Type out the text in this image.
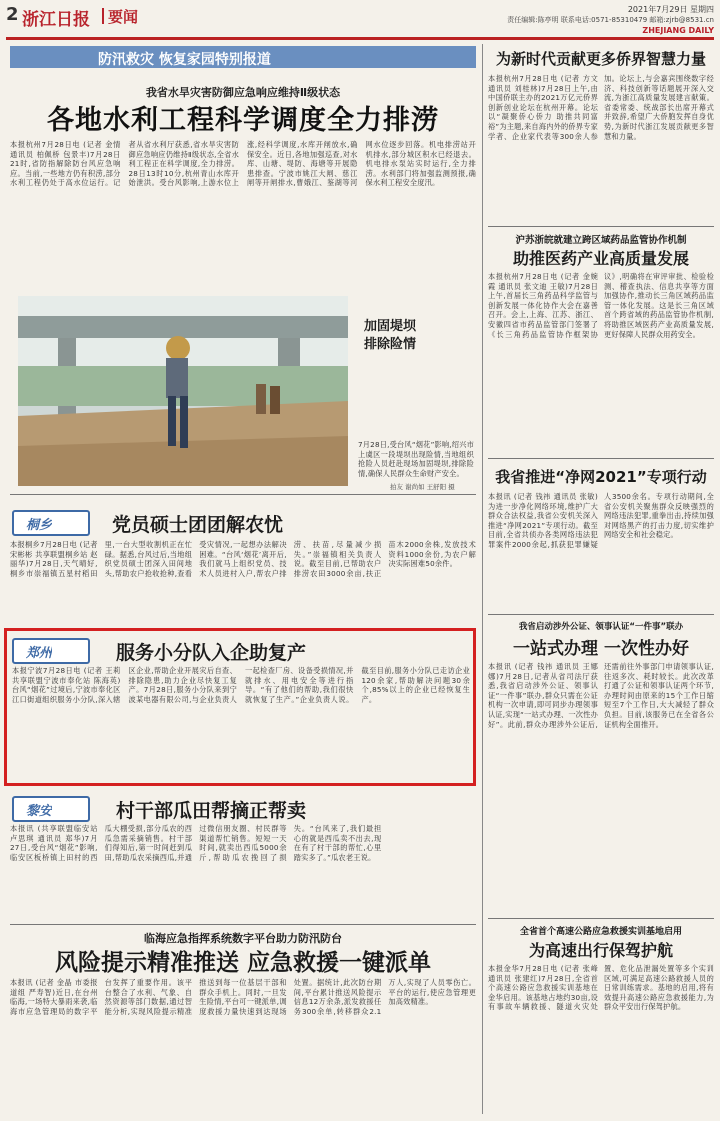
2 浙江日报 要闻	2021年7月29日 星期四
责任编辑:陈亭明 联系电话:0571-85310479 邮箱:zjrb@8531.cn
ZHEJIANG DAILY
防汛救灾 恢复家园特别报道
我省水旱灾害防御应急响应维持Ⅱ级状态
各地水利工程科学调度全力排涝
本报杭州7月28日电 (记者 金情 通讯员 柏佩桥 包景丰)7月28日21时,省防指解除防台风应急响应。当前,一些地方仍有积涝,部分水利工程仍处于高水位运行。记者从省水利厅获悉,省水旱灾害防御应急响应仍维持Ⅱ级状态,全省水利工程正在科学调度,全力排涝。28日13时10分,杭州青山水库开始泄洪。受台风影响,上游水位上涨,经科学调度,水库开闸放水,确保安全。近日,各地加强巡查,对水库、山塘、堤防、海塘等开展隐患排查。宁波市姚江大闸、慈江闸等开闸排水,曹娥江、鉴湖等河网水位逐步回落。机电排涝站开机排水,部分城区积水已经退去。机电排水泵站实时运行,全力排涝。水利部门将加强监测预报,确保水利工程安全度汛。
加固堤坝
排除险情
7月28日,受台风“烟花”影响,绍兴市上虞区一段堤坝出现险情,当地组织抢险人员赶赴现场加固堤坝,排除险情,确保人民群众生命财产安全。
拍友 谢尚如 王舒阳 摄
桐乡	党员硕士团团解农忧
本报桐乡7月28日电 (记者 宋彬彬 共享联盟桐乡站 赵 丽华)7月28日,天气晴好,桐乡市崇福镇五星村稻田里,一台大型收割机正在忙碌。据悉,台风过后,当地组织党员硕士团深入田间地头,帮助农户抢收抢种,查看受灾情况,一起想办法解决困难。“台风‘烟花’离开后,我们就马上组织党员、技术人员进村入户,帮农户排涝、扶苗,尽量减少损失。”崇福镇相关负责人说。截至目前,已帮助农户排涝农田3000余亩,扶正苗木2000余株,发放技术资料1000余份,为农户解决实际困难50余件。
郑州	服务小分队入企助复产
本报宁波7月28日电 (记者 王莉 共享联盟宁波市奉化站 陈海英)台风“烟花”过境后,宁波市奉化区江口街道组织服务小分队,深入辖区企业,帮助企业开展灾后自查、排除隐患,助力企业尽快复工复产。7月28日,服务小分队来到宁波某电器有限公司,与企业负责人一起检查厂房、设备受损情况,并就排水、用电安全等进行指导。“有了他们的帮助,我们很快就恢复了生产。”企业负责人说。截至目前,服务小分队已走访企业120余家,帮助解决问题30余个,85%以上的企业已经恢复生产。
黎安	村干部瓜田帮摘正帮卖
本报讯 (共享联盟临安站 卢思琪 通讯员 郑华)7月27日,受台风“烟花”影响,临安区板桥镇上田村的西瓜大棚受损,部分瓜农的西瓜急需采摘销售。村干部们得知后,第一时间赶到瓜田,帮助瓜农采摘西瓜,并通过微信朋友圈、村民群等渠道帮忙销售。短短一天时间,就卖出西瓜5000余斤,帮助瓜农挽回了损失。“台风来了,我们最担心的就是西瓜卖不出去,现在有了村干部的帮忙,心里踏实多了。”瓜农老王说。
临海应急指挥系统数字平台助力防汛防台
风险提示精准推送 应急救援一键派单
本报讯 (记者 金晶 市委报道组 严寿智)近日,在台州临海,一场特大暴雨来袭,临海市应急管理局的数字平台发挥了重要作用。该平台整合了水利、气象、自然资源等部门数据,通过智能分析,实现风险提示精准推送到每一位基层干部和群众手机上。同时,一旦发生险情,平台可一键派单,调度救援力量快速到达现场处置。据统计,此次防台期间,平台累计推送风险提示信息12万余条,派发救援任务300余单,转移群众2.1万人,实现了人员零伤亡。平台的运行,使应急管理更加高效精准。
为新时代贡献更多侨界智慧力量
本报杭州7月28日电 (记者 方文 通讯员 刘桂林)7月28日上午,由中国侨联主办的2021万亿元侨界创新创业论坛在杭州开幕。论坛以“凝聚侨心侨力 助推共同富裕”为主题,来自海内外的侨界专家学者、企业家代表等300余人参加。论坛上,与会嘉宾围绕数字经济、科技创新等话题展开深入交流,为浙江高质量发展建言献策。省委常委、统战部长出席开幕式并致辞,希望广大侨胞发挥自身优势,为新时代浙江发展贡献更多智慧和力量。
沪苏浙皖就建立跨区域药品监管协作机制
助推医药产业高质量发展
本报杭州7月28日电 (记者 金婉霞 通讯员 张文迪 王敏)7月28日上午,首届长三角药品科学监管与创新发展一体化协作大会在嘉善召开。会上,上海、江苏、浙江、安徽四省市药品监管部门签署了《长三角药品监管协作框架协议》,明确将在审评审批、检验检测、稽查执法、信息共享等方面加强协作,推动长三角区域药品监管一体化发展。这是长三角区域首个跨省域的药品监管协作机制,将助推区域医药产业高质量发展,更好保障人民群众用药安全。
我省推进“净网2021”专项行动
本报讯 (记者 钱祎 通讯员 张敏)为进一步净化网络环境,维护广大群众合法权益,我省公安机关深入推进“净网2021”专项行动。截至目前,全省共侦办各类网络违法犯罪案件2000余起,抓获犯罪嫌疑人3500余名。专项行动期间,全省公安机关聚焦群众反映强烈的网络违法犯罪,重拳出击,持续加强对网络黑产的打击力度,切实维护网络安全和社会稳定。
我省启动涉外公证、领事认证“一件事”联办
一站式办理 一次性办好
本报讯 (记者 钱祎 通讯员 王娜娜)7月28日,记者从省司法厅获悉,我省启动涉外公证、领事认证“一件事”联办,群众只需在公证机构一次申请,即可同步办理领事认证,实现“一站式办理、一次性办好”。此前,群众办理涉外公证后,还需前往外事部门申请领事认证,往返多次、耗时较长。此次改革打通了公证和领事认证两个环节,办理时间由原来的15个工作日缩短至7个工作日,大大减轻了群众负担。目前,该服务已在全省各公证机构全面推开。
全省首个高速公路应急救援实训基地启用
为高速出行保驾护航
本报金华7月28日电 (记者 张峰 通讯员 张建红)7月28日,全省首个高速公路应急救援实训基地在金华启用。该基地占地约30亩,设有事故车辆救援、隧道火灾处置、危化品泄漏处置等多个实训区域,可满足高速公路救援人员的日常训练需求。基地的启用,将有效提升高速公路应急救援能力,为群众平安出行保驾护航。
